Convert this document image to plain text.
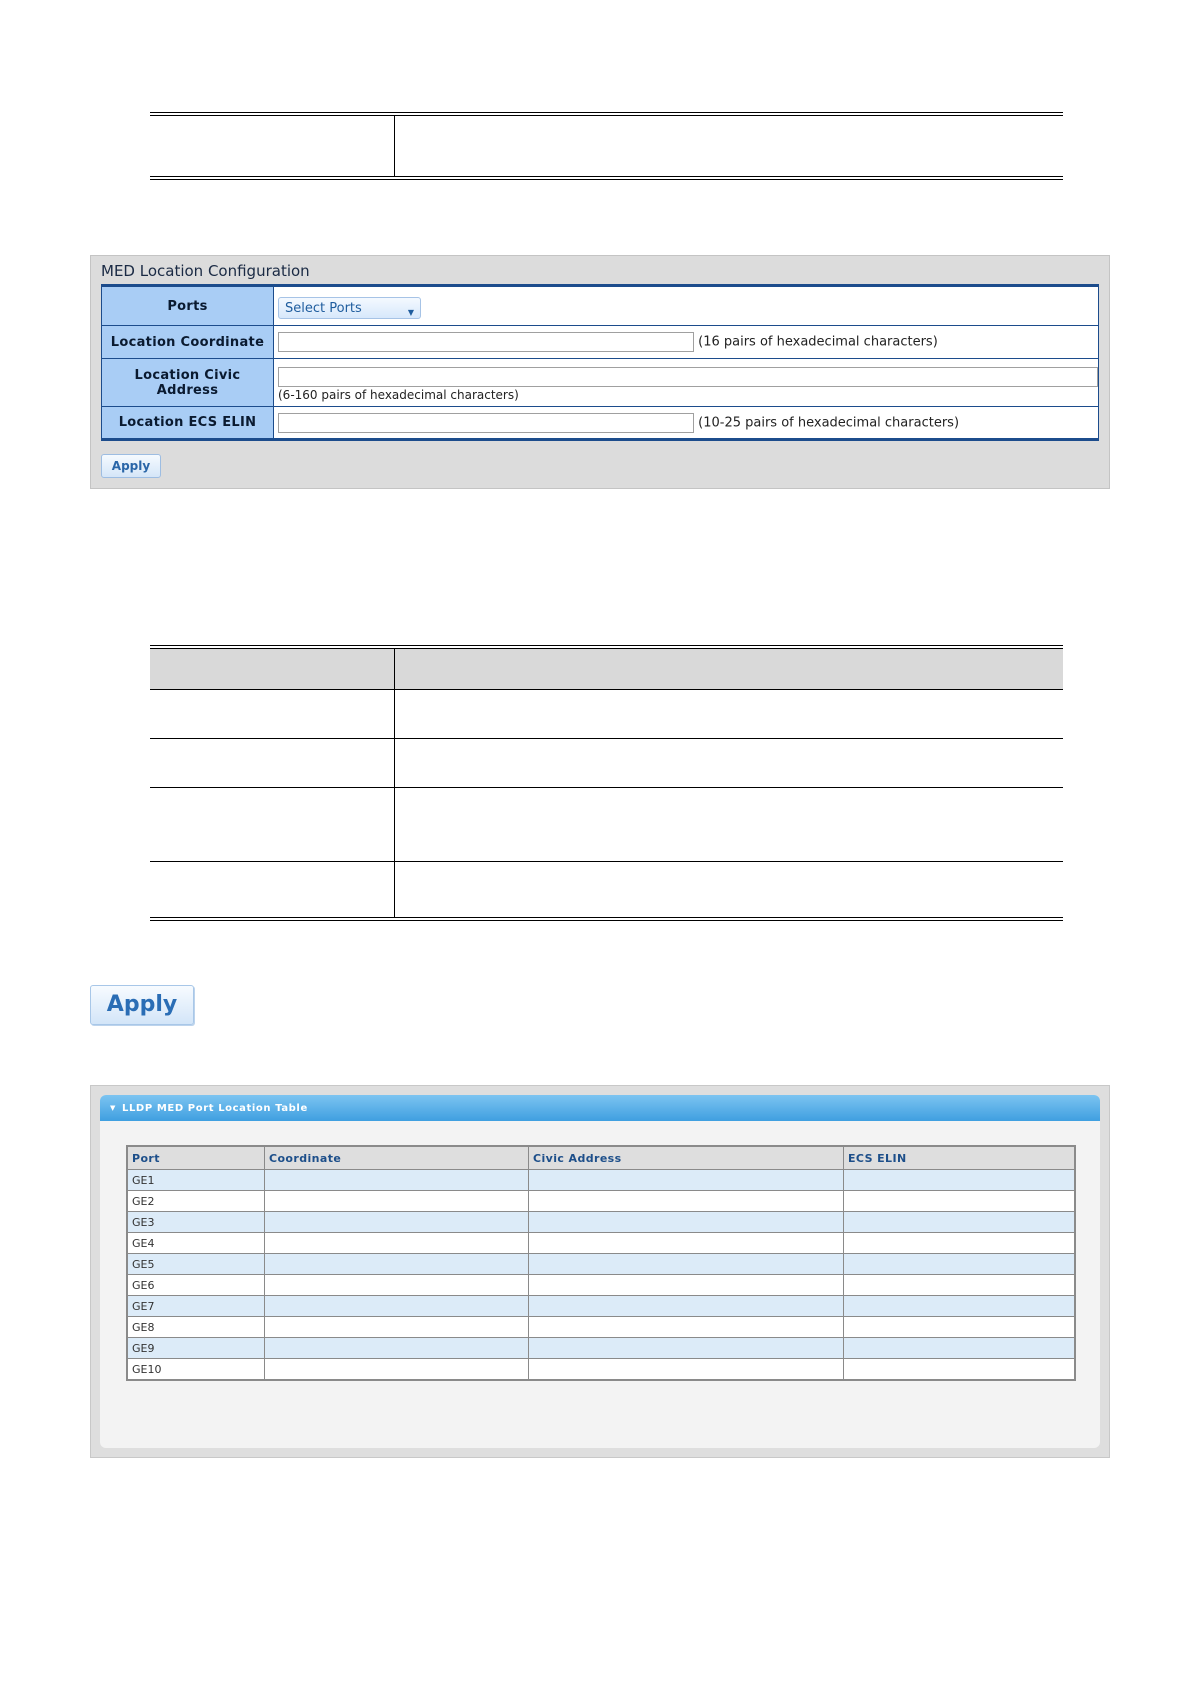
MED Location Configuration
Ports	Select Ports ▼

Location Coordinate	(16 pairs of hexadecimal characters)
Location Civic Address	(6-160 pairs of hexadecimal characters)

Location ECS ELIN	(10-25 pairs of hexadecimal characters)
Apply
Apply
▼ LLDP MED Port Location Table
Port	Coordinate	Civic Address	ECS ELIN
GE1			
GE2			
GE3			
GE4			
GE5			
GE6			
GE7			
GE8			
GE9			
GE10			
